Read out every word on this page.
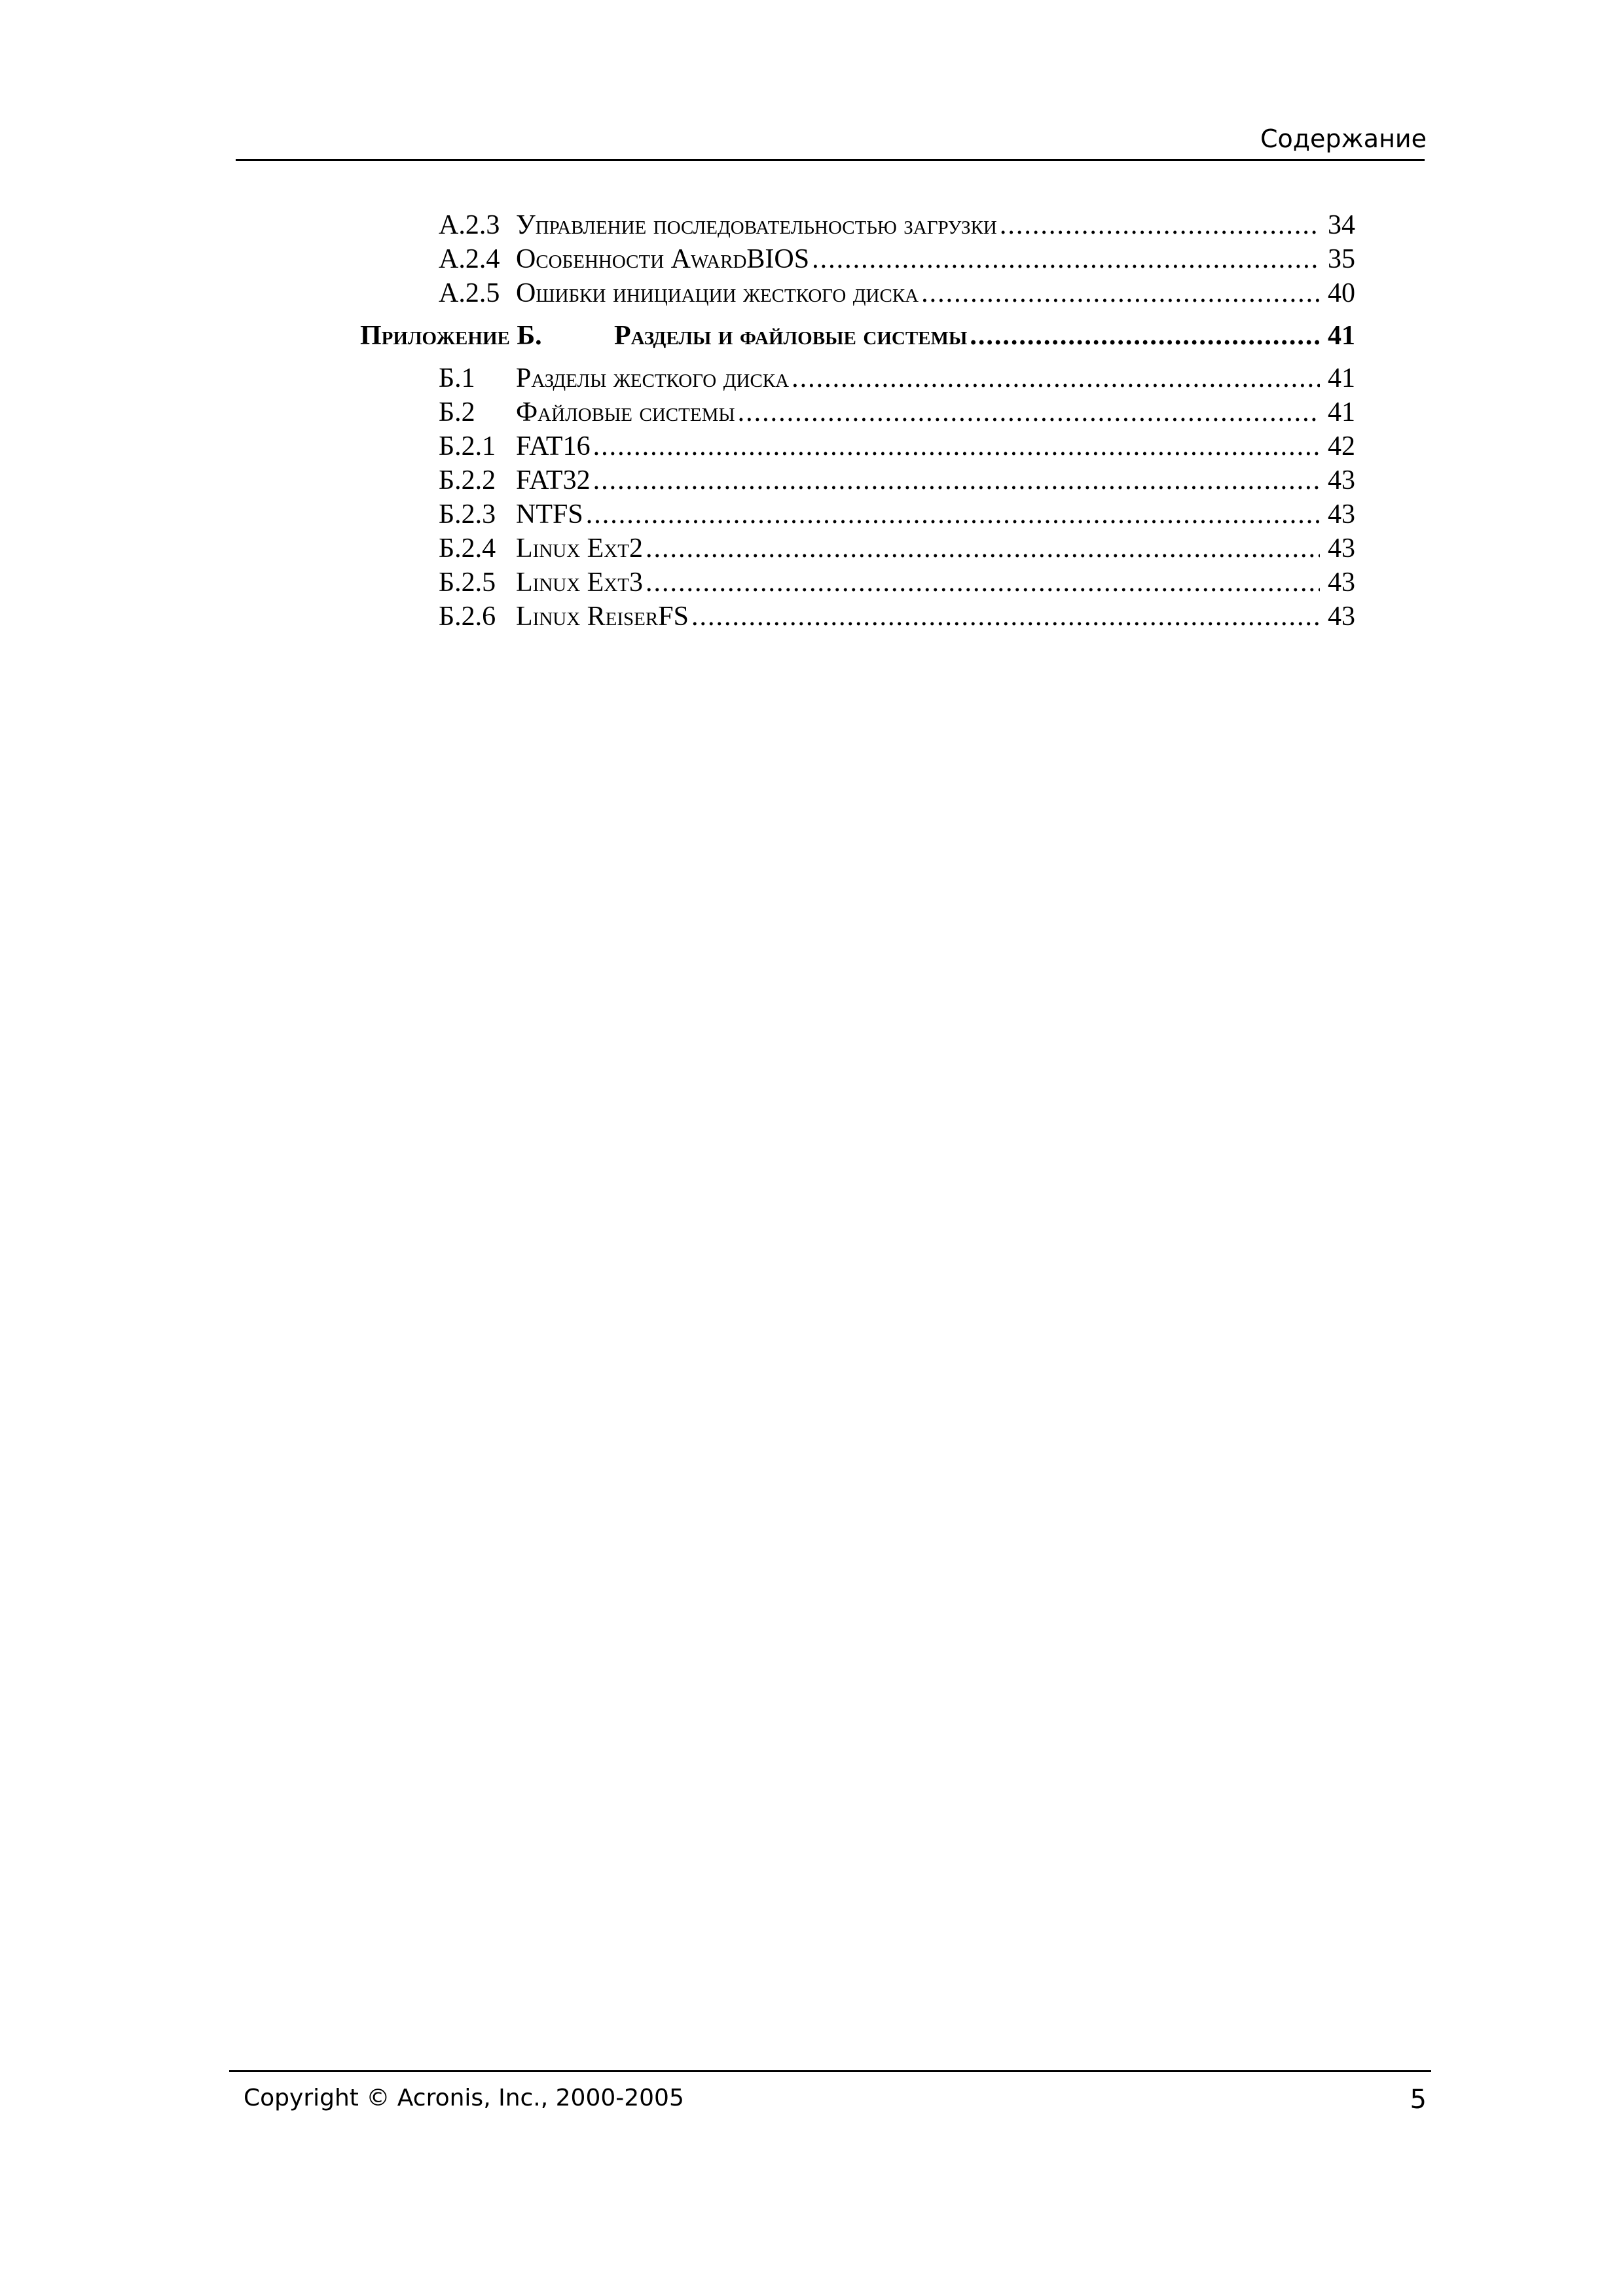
Содержание
А.2.3 Управление последовательностью загрузки .....	34
А.2.4 Особенности AwardBIOS .....	35
А.2.5 Ошибки инициации жесткого диска .....	40
Приложение Б.	Разделы и файловые системы .....	41
Б.1	Разделы жесткого диска .....	41
Б.2	Файловые системы .....	41
Б.2.1 FAT16 .....	42
Б.2.2 FAT32 .....	43
Б.2.3 NTFS .....	43
Б.2.4 Linux Ext2 .....	43
Б.2.5 Linux Ext3 .....	43
Б.2.6 Linux ReiserFS .....	43
Copyright © Acronis, Inc., 2000-2005	5
